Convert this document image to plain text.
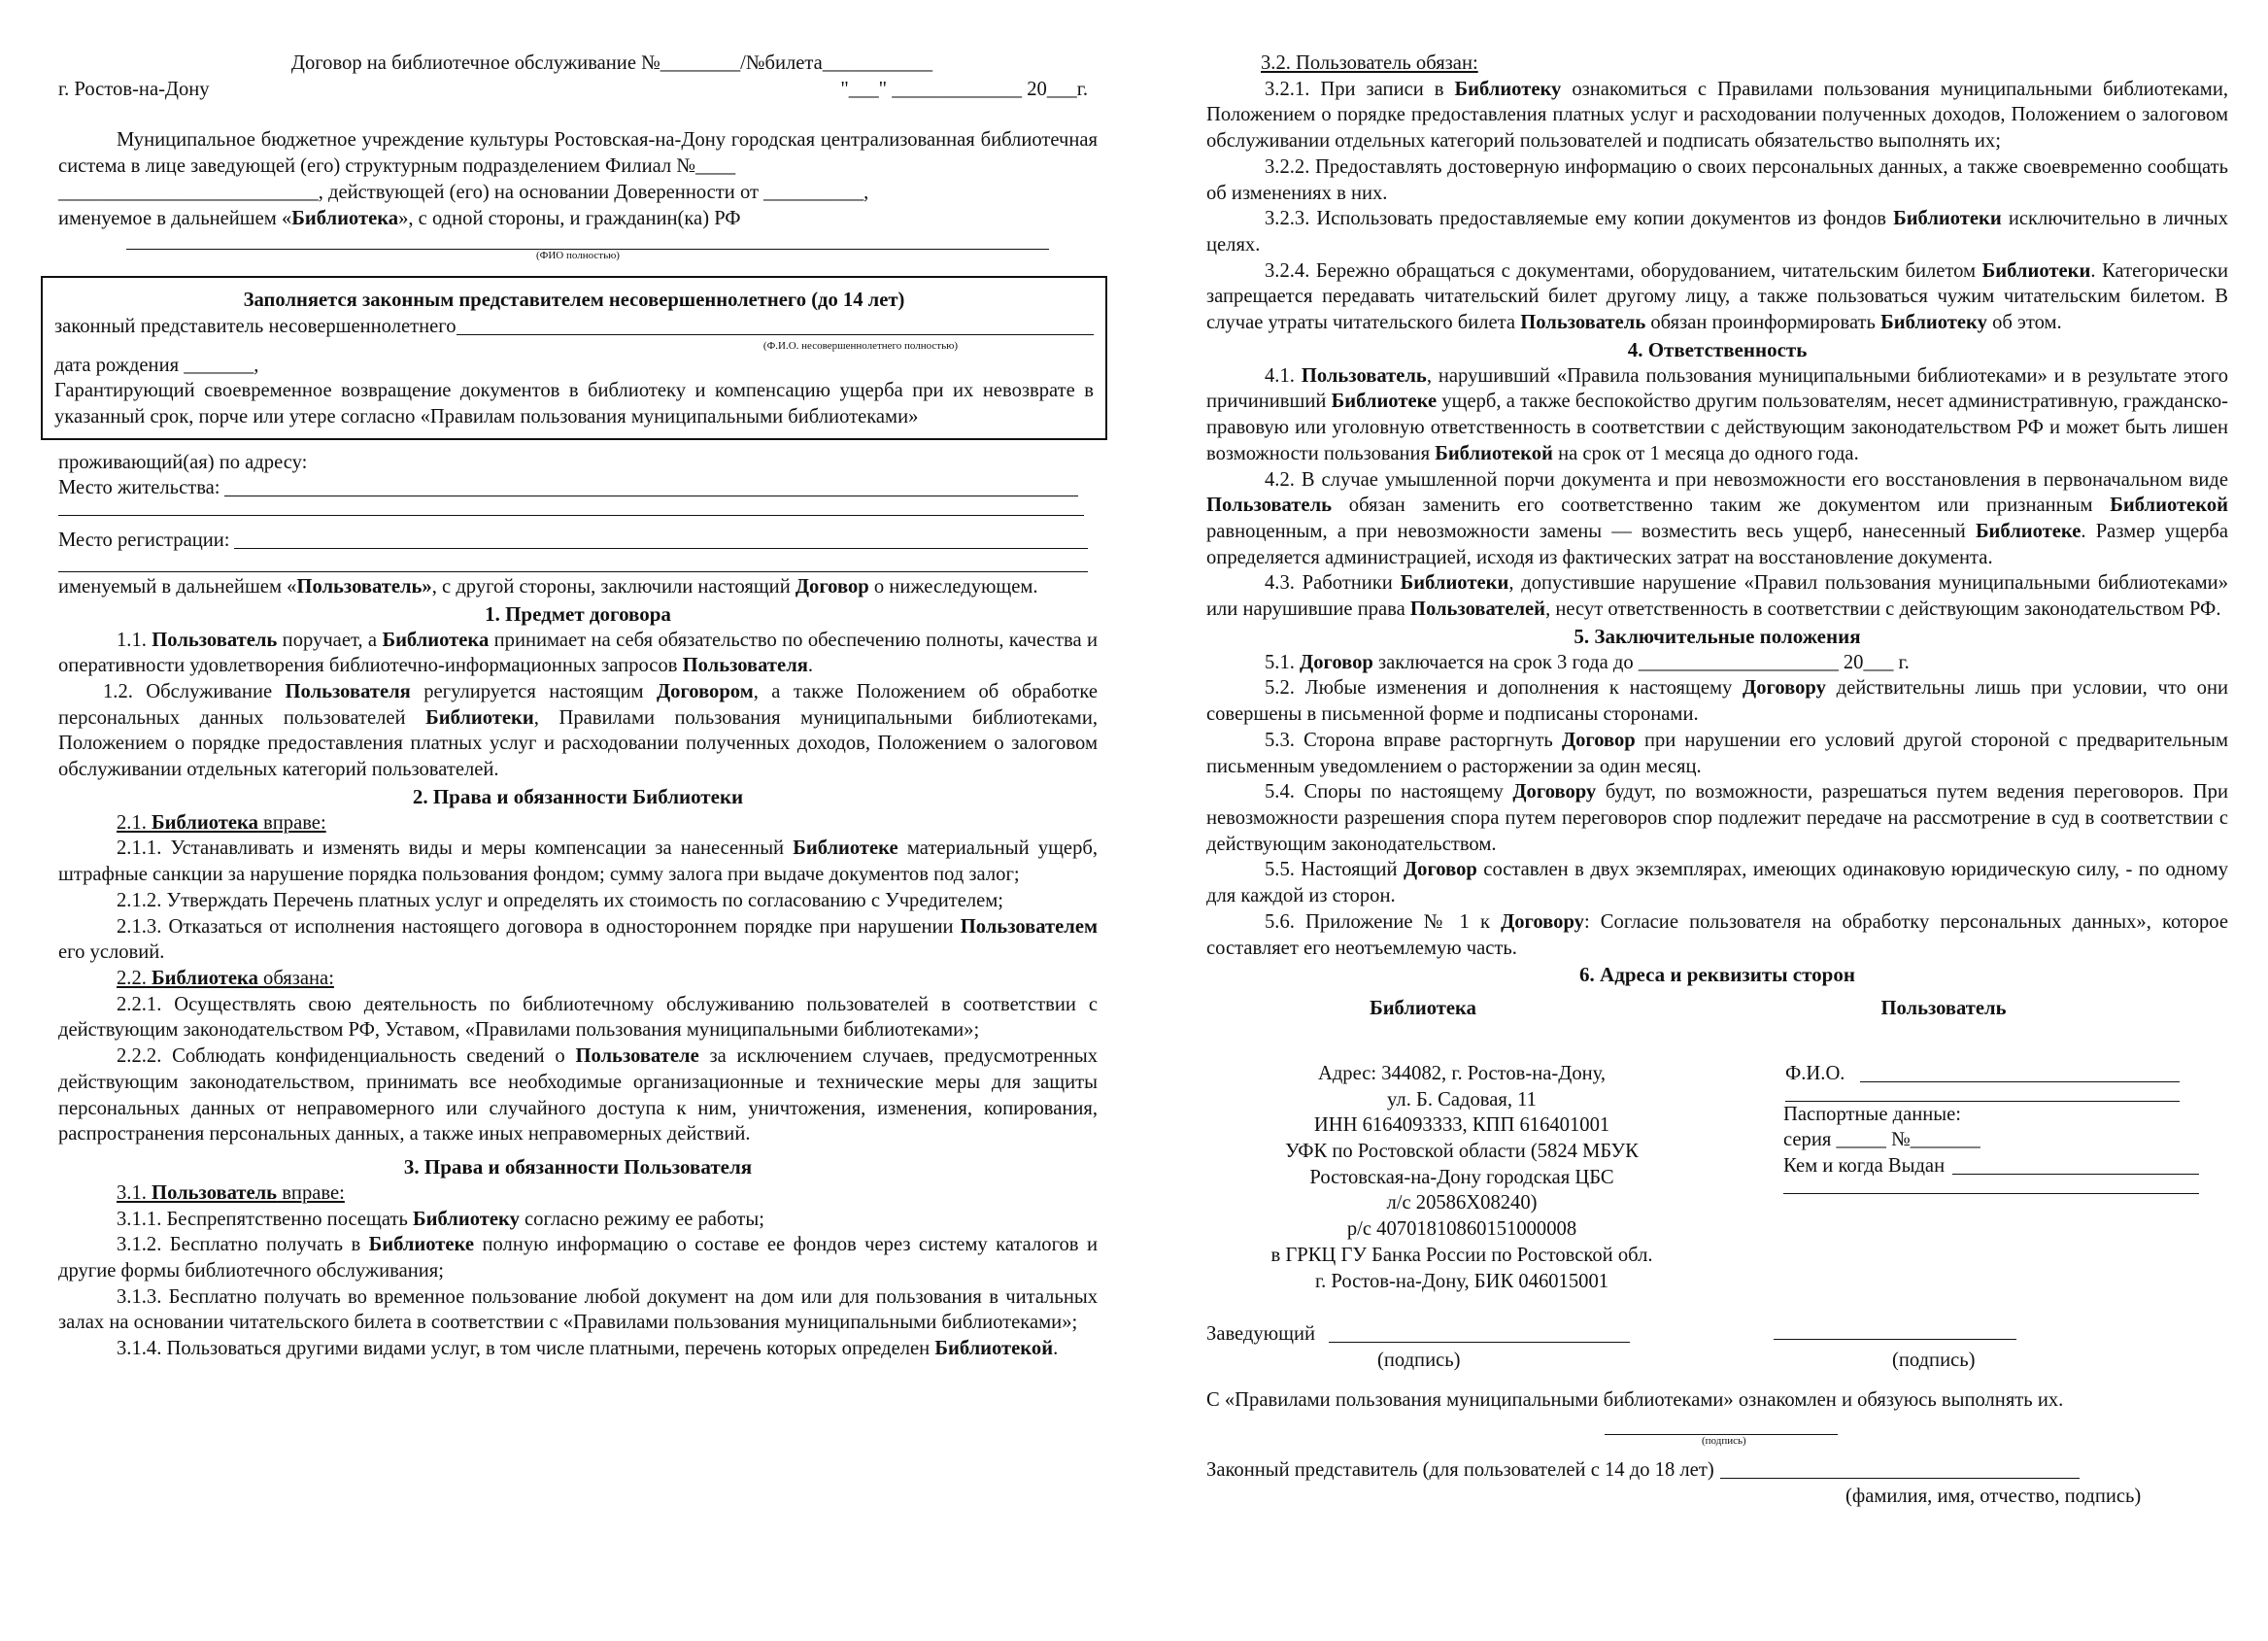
Договор на библиотечное обслуживание №________/№билета___________

г. Ростов-на-Дону	"___" _____________ 20___г.

Муниципальное бюджетное учреждение культуры Ростовская-на-Дону городская централизованная библиотечная система в лице заведующей (его) структурным подразделением Филиал №____

__________________________, действующей (его) на основании Доверенности от __________,

именуемое в дальнейшем «Библиотека», с одной стороны, и гражданин(ка) РФ

(ФИО полностью)

Заполняется законным представителем несовершеннолетнего (до 14 лет)

законный представитель несовершеннолетнего

(Ф.И.О. несовершеннолетнего полностью)

дата рождения _______,

Гарантирующий своевременное возвращение документов в библиотеку и компенсацию ущерба при их невозврате в указанный срок, порче или утере согласно «Правилам пользования муниципальными библиотеками»

проживающий(ая) по адресу:

Место жительства:

Место регистрации:

именуемый в дальнейшем «Пользователь», с другой стороны, заключили настоящий Договор о нижеследующем.

1. Предмет договора

1.1. Пользователь поручает, а Библиотека принимает на себя обязательство по обеспечению полноты, качества и оперативности удовлетворения библиотечно-информационных запросов Пользователя.

1.2. Обслуживание Пользователя регулируется настоящим Договором, а также Положением об обработке персональных данных пользователей Библиотеки, Правилами пользования муниципальными библиотеками, Положением о порядке предоставления платных услуг и расходовании полученных доходов, Положением о залоговом обслуживании отдельных категорий пользователей.

2. Права и обязанности Библиотеки

2.1. Библиотека вправе:

2.1.1. Устанавливать и изменять виды и меры компенсации за нанесенный Библиотеке материальный ущерб, штрафные санкции за нарушение порядка пользования фондом; сумму залога при выдаче документов под залог;

2.1.2. Утверждать Перечень платных услуг и определять их стоимость по согласованию с Учредителем;

2.1.3. Отказаться от исполнения настоящего договора в одностороннем порядке при нарушении Пользователем его условий.

2.2. Библиотека обязана:

2.2.1. Осуществлять свою деятельность по библиотечному обслуживанию пользователей в соответствии с действующим законодательством РФ, Уставом, «Правилами пользования муниципальными библиотеками»;

2.2.2. Соблюдать конфиденциальность сведений о Пользователе за исключением случаев, предусмотренных действующим законодательством, принимать все необходимые организационные и технические меры для защиты персональных данных от неправомерного или случайного доступа к ним, уничтожения, изменения, копирования, распространения персональных данных, а также иных неправомерных действий.

3. Права и обязанности Пользователя

3.1. Пользователь вправе:

3.1.1. Беспрепятственно посещать Библиотеку согласно режиму ее работы;

3.1.2. Бесплатно получать в Библиотеке полную информацию о составе ее фондов через систему каталогов и другие формы библиотечного обслуживания;

3.1.3. Бесплатно получать во временное пользование любой документ на дом или для пользования в читальных залах на основании читательского билета в соответствии с «Правилами пользования муниципальными библиотеками»;

3.1.4. Пользоваться другими видами услуг, в том числе платными, перечень которых определен Библиотекой.

3.2. Пользователь обязан:

3.2.1. При записи в Библиотеку ознакомиться с Правилами пользования муниципальными библиотеками, Положением о порядке предоставления платных услуг и расходовании полученных доходов, Положением о залоговом обслуживании отдельных категорий пользователей и подписать обязательство выполнять их;

3.2.2. Предоставлять достоверную информацию о своих персональных данных, а также своевременно сообщать об изменениях в них.

3.2.3. Использовать предоставляемые ему копии документов из фондов Библиотеки исключительно в личных целях.

3.2.4. Бережно обращаться с документами, оборудованием, читательским билетом Библиотеки. Категорически запрещается передавать читательский билет другому лицу, а также пользоваться чужим читательским билетом. В случае утраты читательского билета Пользователь обязан проинформировать Библиотеку об этом.

4. Ответственность

4.1. Пользователь, нарушивший «Правила пользования муниципальными библиотеками» и в результате этого причинивший Библиотеке ущерб, а также беспокойство другим пользователям, несет административную, гражданско-правовую или уголовную ответственность в соответствии с действующим законодательством РФ и может быть лишен возможности пользования Библиотекой на срок от 1 месяца до одного года.

4.2. В случае умышленной порчи документа и при невозможности его восстановления в первоначальном виде Пользователь обязан заменить его соответственно таким же документом или признанным Библиотекой равноценным, а при невозможности замены — возместить весь ущерб, нанесенный Библиотеке. Размер ущерба определяется администрацией, исходя из фактических затрат на восстановление документа.

4.3. Работники Библиотеки, допустившие нарушение «Правил пользования муниципальными библиотеками» или нарушившие права Пользователей, несут ответственность в соответствии с действующим законодательством РФ.

5. Заключительные положения

5.1. Договор заключается на срок 3 года до ____________________ 20___ г.

5.2. Любые изменения и дополнения к настоящему Договору действительны лишь при условии, что они совершены в письменной форме и подписаны сторонами.

5.3. Сторона вправе расторгнуть Договор при нарушении его условий другой стороной с предварительным письменным уведомлением о расторжении за один месяц.

5.4. Споры по настоящему Договору будут, по возможности, разрешаться путем ведения переговоров. При невозможности разрешения спора путем переговоров спор подлежит передаче на рассмотрение в суд в соответствии с действующим законодательством.

5.5. Настоящий Договор составлен в двух экземплярах, имеющих одинаковую юридическую силу, - по одному для каждой из сторон.

5.6. Приложение № 1 к Договору: Согласие пользователя на обработку персональных данных», которое составляет его неотъемлемую часть.

6. Адреса и реквизиты сторон

Библиотека

Адрес: 344082, г. Ростов-на-Дону,

ул. Б. Садовая, 11

ИНН 6164093333, КПП 616401001

УФК по Ростовской области (5824 МБУК

Ростовская-на-Дону городская ЦБС

л/с 20586Х08240)

р/с 40701810860151000008

в ГРКЦ ГУ Банка России по Ростовской обл.

г. Ростов-на-Дону, БИК 046015001

Пользователь

Ф.И.О.

Паспортные данные:

серия _____ №_______

Кем и когда Выдан

Заведующий

(подпись)	(подпись)

С «Правилами пользования муниципальными библиотеками» ознакомлен и обязуюсь выполнять их.

(подпись)

Законный представитель (для пользователей с 14 до 18 лет)

(фамилия, имя, отчество, подпись)
